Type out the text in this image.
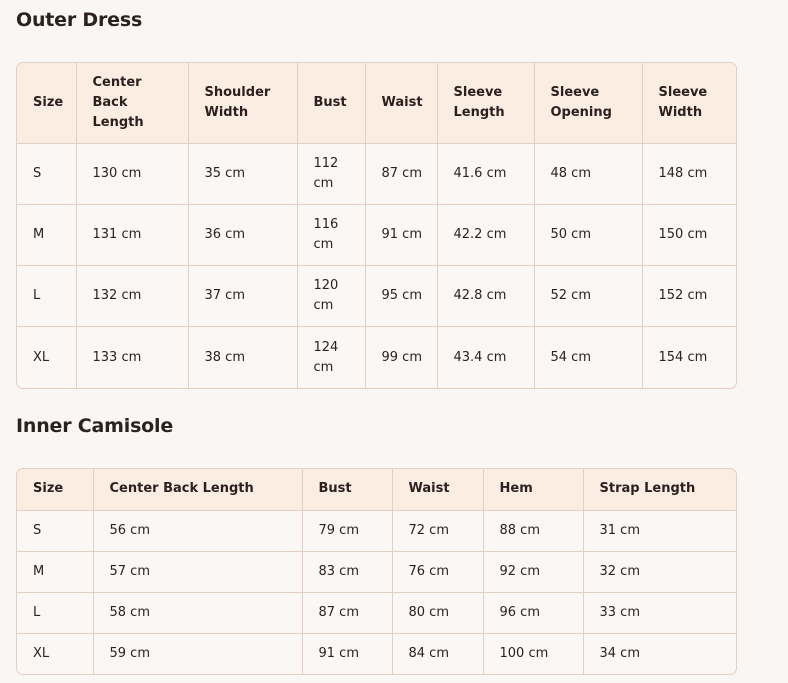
Outer Dress
Size	Center Back Length	Shoulder Width	Bust	Waist	Sleeve Length	Sleeve Opening	Sleeve Width
S	130 cm	35 cm	112 cm	87 cm	41.6 cm	48 cm	148 cm
M	131 cm	36 cm	116 cm	91 cm	42.2 cm	50 cm	150 cm
L	132 cm	37 cm	120 cm	95 cm	42.8 cm	52 cm	152 cm
XL	133 cm	38 cm	124 cm	99 cm	43.4 cm	54 cm	154 cm
Inner Camisole
Size	Center Back Length	Bust	Waist	Hem	Strap Length
S	56 cm	79 cm	72 cm	88 cm	31 cm
M	57 cm	83 cm	76 cm	92 cm	32 cm
L	58 cm	87 cm	80 cm	96 cm	33 cm
XL	59 cm	91 cm	84 cm	100 cm	34 cm
